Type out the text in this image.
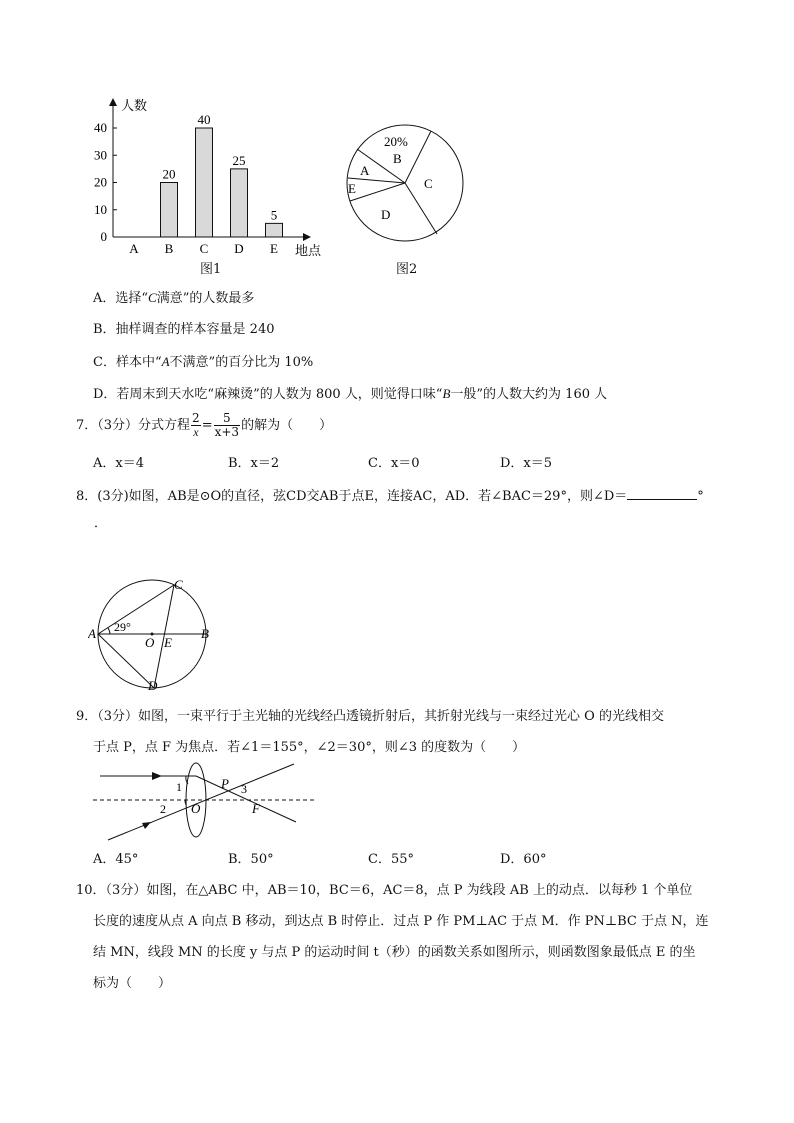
0
10
20
30
40
人数
地点
A
20
B
40
C
25
D
5
E
图1
20%
B
A
E	C
D
图2
A．选择“C满意”的人数最多
B．抽样调查的样本容量是 240
C．样本中“A不满意”的百分比为 10%
D．若周末到天水吃“麻辣烫”的人数为 800 人，则觉得口味“B一般”的人数大约为 160 人
7．（3分）分式方程 $\frac{2}{x} = \frac{5}{x+3}$ 的解为（　　）
A．x＝4	B．x＝2	C．x＝0	D．x＝5
8．(3分)如图，AB是⊙O的直径，弦CD交AB于点E，连接AC，AD．若∠BAC＝29°，则∠D＝	°
．
A	B
C
D
O E
29°
9．（3分）如图，一束平行于主光轴的光线经凸透镜折射后，其折射光线与一束经过光心 O 的光线相交
于点 P，点 F 为焦点．若∠1＝155°，∠2＝30°，则∠3 的度数为（　　）
1
2
P 3
O	F
A．45°	B．50°	C．55°	D．60°
10．（3分）如图，在△ABC 中，AB＝10，BC＝6，AC＝8，点 P 为线段 AB 上的动点．以每秒 1 个单位
长度的速度从点 A 向点 B 移动，到达点 B 时停止．过点 P 作 PM⊥AC 于点 M．作 PN⊥BC 于点 N，连
结 MN，线段 MN 的长度 y 与点 P 的运动时间 t（秒）的函数关系如图所示，则函数图象最低点 E 的坐
标为（　　）
